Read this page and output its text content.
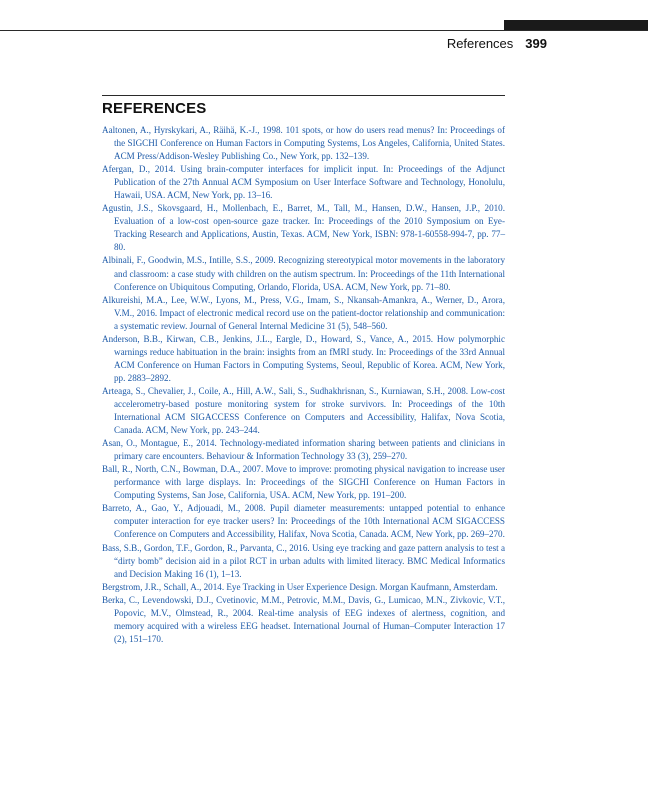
References 399
REFERENCES
Aaltonen, A., Hyrskykari, A., Räihä, K.-J., 1998. 101 spots, or how do users read menus? In: Proceedings of the SIGCHI Conference on Human Factors in Computing Systems, Los Angeles, California, United States. ACM Press/Addison-Wesley Publishing Co., New York, pp. 132–139.
Afergan, D., 2014. Using brain-computer interfaces for implicit input. In: Proceedings of the Adjunct Publication of the 27th Annual ACM Symposium on User Interface Software and Technology, Honolulu, Hawaii, USA. ACM, New York, pp. 13–16.
Agustin, J.S., Skovsgaard, H., Mollenbach, E., Barret, M., Tall, M., Hansen, D.W., Hansen, J.P., 2010. Evaluation of a low-cost open-source gaze tracker. In: Proceedings of the 2010 Symposium on Eye-Tracking Research and Applications, Austin, Texas. ACM, New York, ISBN: 978-1-60558-994-7, pp. 77–80.
Albinali, F., Goodwin, M.S., Intille, S.S., 2009. Recognizing stereotypical motor movements in the laboratory and classroom: a case study with children on the autism spectrum. In: Proceedings of the 11th International Conference on Ubiquitous Computing, Orlando, Florida, USA. ACM, New York, pp. 71–80.
Alkureishi, M.A., Lee, W.W., Lyons, M., Press, V.G., Imam, S., Nkansah-Amankra, A., Werner, D., Arora, V.M., 2016. Impact of electronic medical record use on the patient-doctor relationship and communication: a systematic review. Journal of General Internal Medicine 31 (5), 548–560.
Anderson, B.B., Kirwan, C.B., Jenkins, J.L., Eargle, D., Howard, S., Vance, A., 2015. How polymorphic warnings reduce habituation in the brain: insights from an fMRI study. In: Proceedings of the 33rd Annual ACM Conference on Human Factors in Computing Systems, Seoul, Republic of Korea. ACM, New York, pp. 2883–2892.
Arteaga, S., Chevalier, J., Coile, A., Hill, A.W., Sali, S., Sudhakhrisnan, S., Kurniawan, S.H., 2008. Low-cost accelerometry-based posture monitoring system for stroke survivors. In: Proceedings of the 10th International ACM SIGACCESS Conference on Computers and Accessibility, Halifax, Nova Scotia, Canada. ACM, New York, pp. 243–244.
Asan, O., Montague, E., 2014. Technology-mediated information sharing between patients and clinicians in primary care encounters. Behaviour & Information Technology 33 (3), 259–270.
Ball, R., North, C.N., Bowman, D.A., 2007. Move to improve: promoting physical navigation to increase user performance with large displays. In: Proceedings of the SIGCHI Conference on Human Factors in Computing Systems, San Jose, California, USA. ACM, New York, pp. 191–200.
Barreto, A., Gao, Y., Adjouadi, M., 2008. Pupil diameter measurements: untapped potential to enhance computer interaction for eye tracker users? In: Proceedings of the 10th International ACM SIGACCESS Conference on Computers and Accessibility, Halifax, Nova Scotia, Canada. ACM, New York, pp. 269–270.
Bass, S.B., Gordon, T.F., Gordon, R., Parvanta, C., 2016. Using eye tracking and gaze pattern analysis to test a “dirty bomb” decision aid in a pilot RCT in urban adults with limited literacy. BMC Medical Informatics and Decision Making 16 (1), 1–13.
Bergstrom, J.R., Schall, A., 2014. Eye Tracking in User Experience Design. Morgan Kaufmann, Amsterdam.
Berka, C., Levendowski, D.J., Cvetinovic, M.M., Petrovic, M.M., Davis, G., Lumicao, M.N., Zivkovic, V.T., Popovic, M.V., Olmstead, R., 2004. Real-time analysis of EEG indexes of alertness, cognition, and memory acquired with a wireless EEG headset. International Journal of Human–Computer Interaction 17 (2), 151–170.
